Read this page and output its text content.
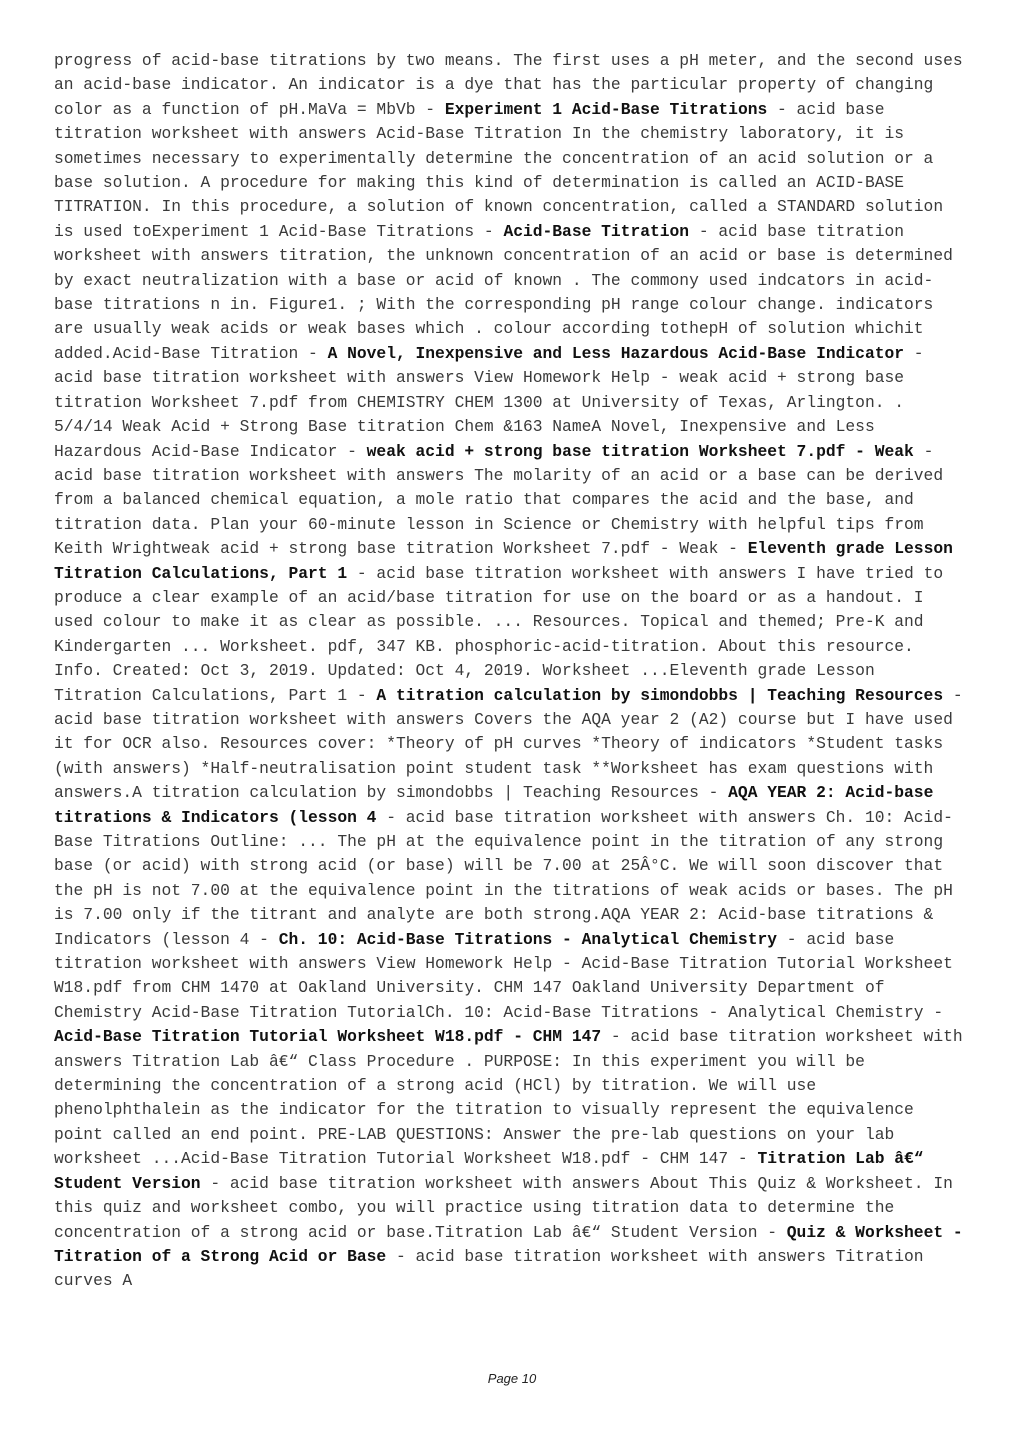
progress of acid-base titrations by two means. The first uses a pH meter, and the second uses an acid-base indicator. An indicator is a dye that has the particular property of changing color as a function of pH.MaVa = MbVb - Experiment 1 Acid-Base Titrations - acid base titration worksheet with answers Acid-Base Titration In the chemistry laboratory, it is sometimes necessary to experimentally determine the concentration of an acid solution or a base solution. A procedure for making this kind of determination is called an ACID-BASE TITRATION. In this procedure, a solution of known concentration, called a STANDARD solution is used toExperiment 1 Acid-Base Titrations - Acid-Base Titration - acid base titration worksheet with answers titration, the unknown concentration of an acid or base is determined by exact neutralization with a base or acid of known . The commony used indcators in acid-base titrations n in. Figure1. ; With the corresponding pH range colour change. indicators are usually weak acids or weak bases which . colour according tothepH of solution whichit added.Acid-Base Titration - A Novel, Inexpensive and Less Hazardous Acid-Base Indicator - acid base titration worksheet with answers View Homework Help - weak acid + strong base titration Worksheet 7.pdf from CHEMISTRY CHEM 1300 at University of Texas, Arlington. . 5/4/14 Weak Acid + Strong Base titration Chem &163 NameA Novel, Inexpensive and Less Hazardous Acid-Base Indicator - weak acid + strong base titration Worksheet 7.pdf - Weak - acid base titration worksheet with answers The molarity of an acid or a base can be derived from a balanced chemical equation, a mole ratio that compares the acid and the base, and titration data. Plan your 60-minute lesson in Science or Chemistry with helpful tips from Keith Wrightweak acid + strong base titration Worksheet 7.pdf - Weak - Eleventh grade Lesson Titration Calculations, Part 1 - acid base titration worksheet with answers I have tried to produce a clear example of an acid/base titration for use on the board or as a handout. I used colour to make it as clear as possible. ... Resources. Topical and themed; Pre-K and Kindergarten ... Worksheet. pdf, 347 KB. phosphoric-acid-titration. About this resource. Info. Created: Oct 3, 2019. Updated: Oct 4, 2019. Worksheet ...Eleventh grade Lesson Titration Calculations, Part 1 - A titration calculation by simondobbs | Teaching Resources - acid base titration worksheet with answers Covers the AQA year 2 (A2) course but I have used it for OCR also. Resources cover: *Theory of pH curves *Theory of indicators *Student tasks (with answers) *Half-neutralisation point student task **Worksheet has exam questions with answers.A titration calculation by simondobbs | Teaching Resources - AQA YEAR 2: Acid-base titrations & Indicators (lesson 4 - acid base titration worksheet with answers Ch. 10: Acid-Base Titrations Outline: ... The pH at the equivalence point in the titration of any strong base (or acid) with strong acid (or base) will be 7.00 at 25Â°C. We will soon discover that the pH is not 7.00 at the equivalence point in the titrations of weak acids or bases. The pH is 7.00 only if the titrant and analyte are both strong.AQA YEAR 2: Acid-base titrations & Indicators (lesson 4 - Ch. 10: Acid-Base Titrations - Analytical Chemistry - acid base titration worksheet with answers View Homework Help - Acid-Base Titration Tutorial Worksheet W18.pdf from CHM 1470 at Oakland University. CHM 147 Oakland University Department of Chemistry Acid-Base Titration TutorialCh. 10: Acid-Base Titrations - Analytical Chemistry - Acid-Base Titration Tutorial Worksheet W18.pdf - CHM 147 - acid base titration worksheet with answers Titration Lab â€“ Class Procedure . PURPOSE: In this experiment you will be determining the concentration of a strong acid (HCl) by titration. We will use phenolphthalein as the indicator for the titration to visually represent the equivalence point called an end point. PRE-LAB QUESTIONS: Answer the pre-lab questions on your lab worksheet ...Acid-Base Titration Tutorial Worksheet W18.pdf - CHM 147 - Titration Lab â€“ Student Version - acid base titration worksheet with answers About This Quiz & Worksheet. In this quiz and worksheet combo, you will practice using titration data to determine the concentration of a strong acid or base.Titration Lab â€“ Student Version - Quiz & Worksheet - Titration of a Strong Acid or Base - acid base titration worksheet with answers Titration curves A

Page 10
